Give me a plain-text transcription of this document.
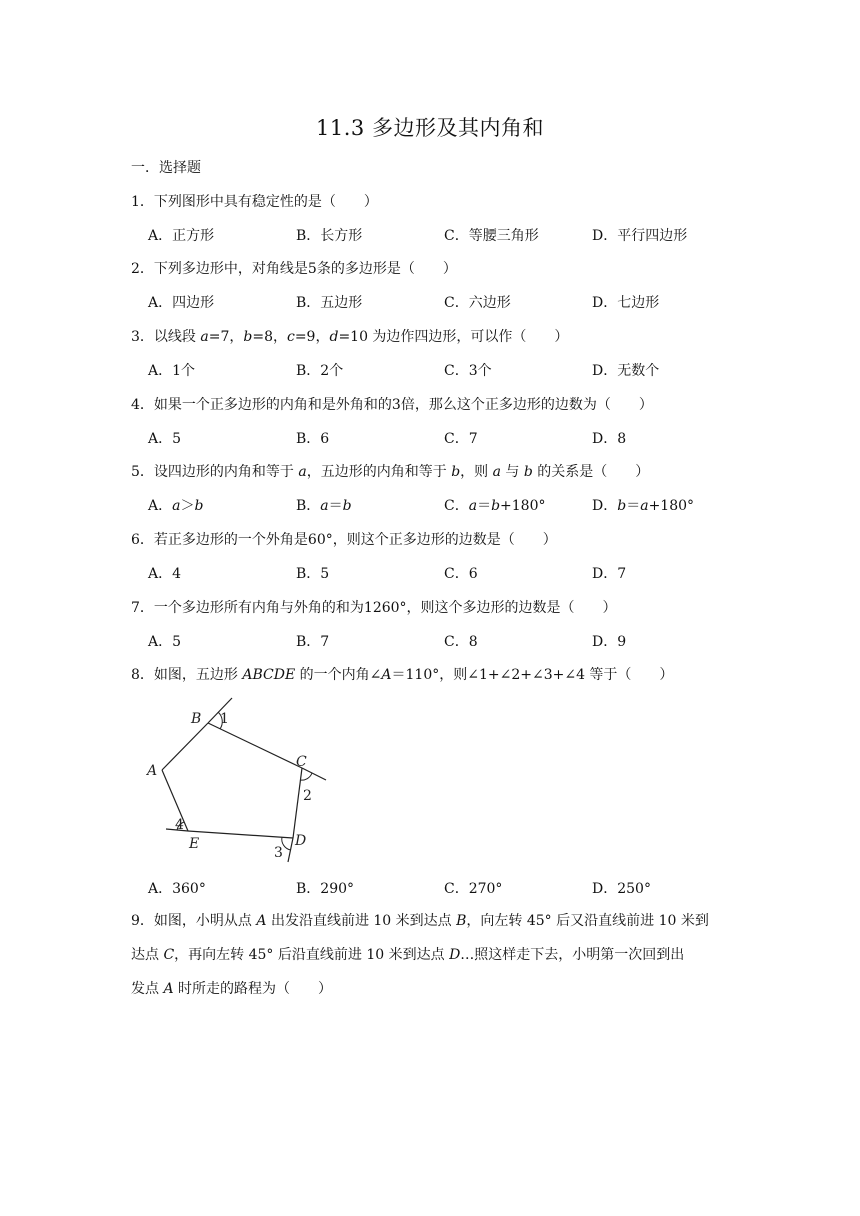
11.3 多边形及其内角和
一．选择题
1．下列图形中具有稳定性的是（　　）
A．正方形	B．长方形	C．等腰三角形	D．平行四边形
2．下列多边形中，对角线是5条的多边形是（　　）
A．四边形	B．五边形	C．六边形	D．七边形
3．以线段 a=7，b=8，c=9，d=10 为边作四边形，可以作（　　）
A．1个	B．2个	C．3个	D．无数个
4．如果一个正多边形的内角和是外角和的3倍，那么这个正多边形的边数为（　　）
A．5	B．6	C．7	D．8
5．设四边形的内角和等于 a，五边形的内角和等于 b，则 a 与 b 的关系是（　　）
A．a＞b	B．a＝b	C．a＝b+180°	D．b＝a+180°
6．若正多边形的一个外角是60°，则这个正多边形的边数是（　　）
A．4	B．5	C．6	D．7
7．一个多边形所有内角与外角的和为1260°，则这个多边形的边数是（　　）
A．5	B．7	C．8	D．9
8．如图，五边形 ABCDE 的一个内角∠A＝110°，则∠1+∠2+∠3+∠4 等于（　　）
A
B
C
D
E
1
2
3
4
A．360°	B．290°	C．270°	D．250°
9．如图，小明从点 A 出发沿直线前进 10 米到达点 B，向左转 45° 后又沿直线前进 10 米到
达点 C，再向左转 45° 后沿直线前进 10 米到达点 D…照这样走下去，小明第一次回到出
发点 A 时所走的路程为（　　）
